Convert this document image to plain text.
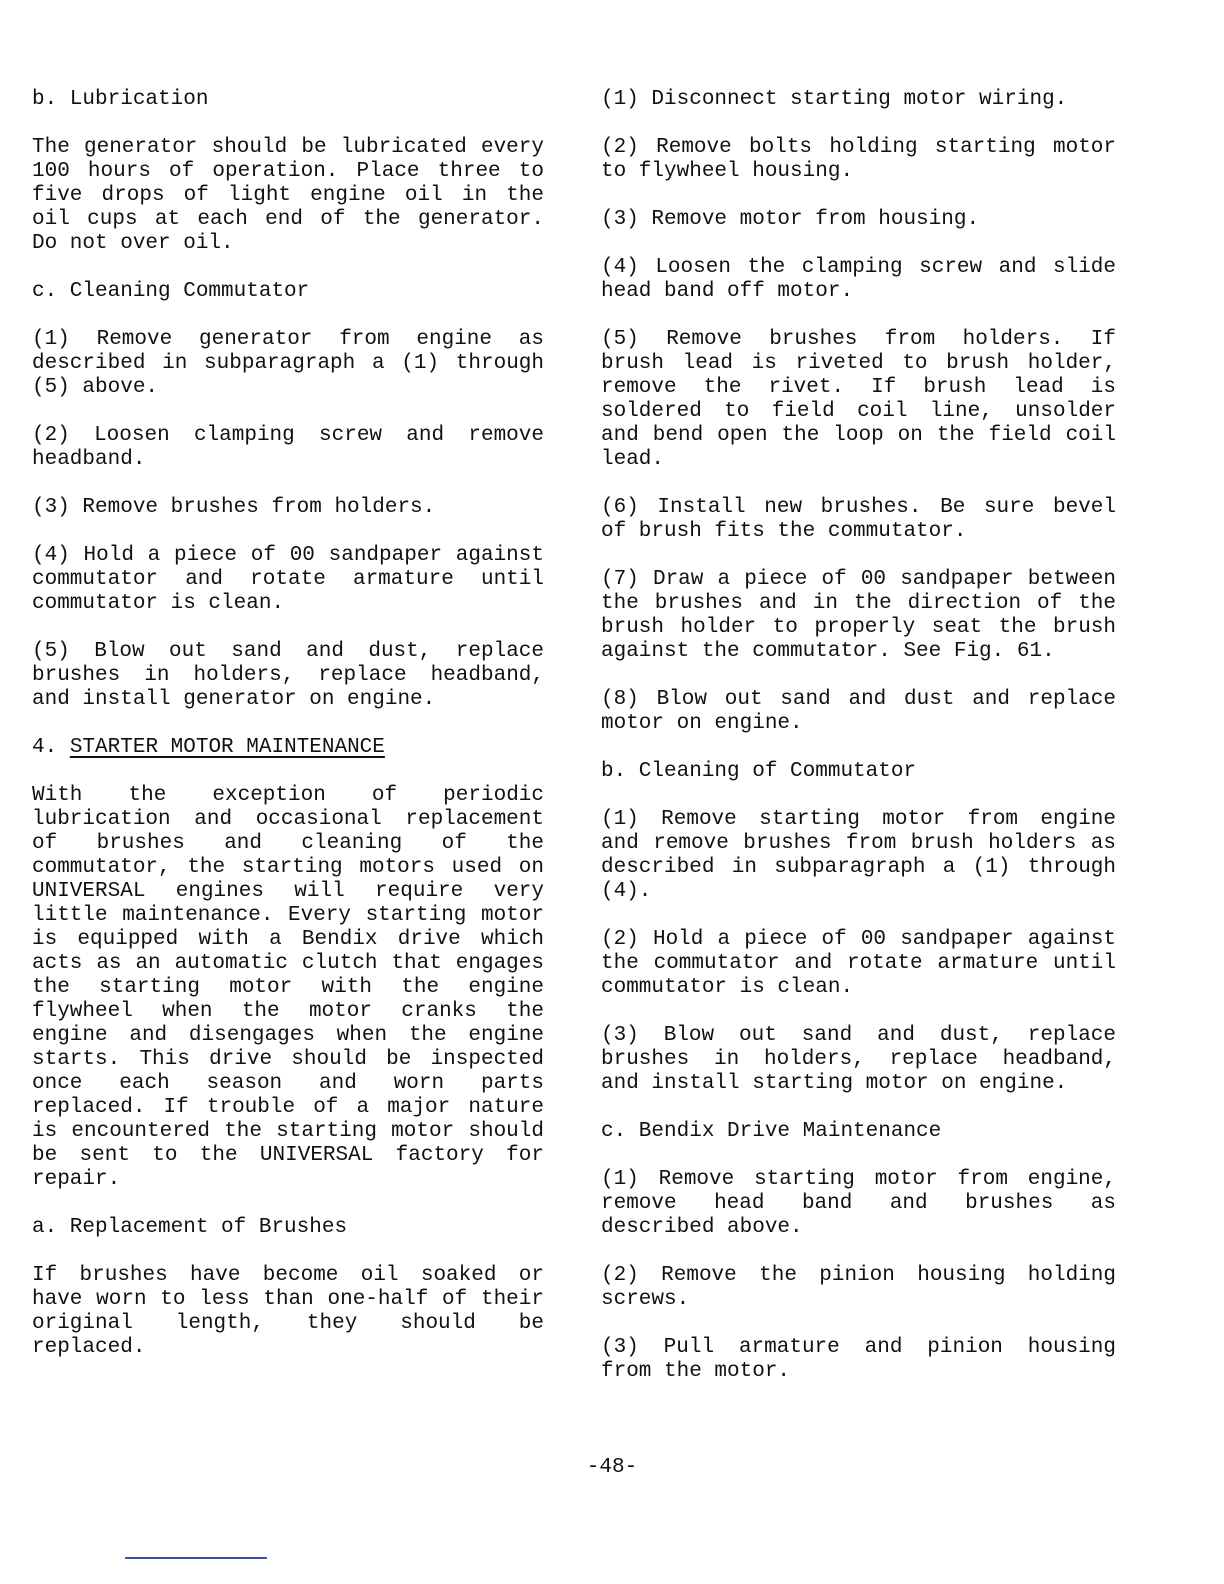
b. Lubrication
The generator should be lubricated every 100 hours of operation. Place three to five drops of light engine oil in the oil cups at each end of the generator. Do not over oil.
c. Cleaning Commutator
(1) Remove generator from engine as described in subparagraph a (1) through (5) above.
(2) Loosen clamping screw and remove headband.
(3) Remove brushes from holders.
(4) Hold a piece of 00 sandpaper against commutator and rotate armature until commutator is clean.
(5) Blow out sand and dust, replace brushes in holders, replace headband, and install generator on engine.
4. STARTER MOTOR MAINTENANCE
With the exception of periodic lubrication and occasional replacement of brushes and cleaning of the commutator, the starting motors used on UNIVERSAL engines will require very little maintenance. Every starting motor is equipped with a Bendix drive which acts as an automatic clutch that engages the starting motor with the engine flywheel when the motor cranks the engine and disengages when the engine starts. This drive should be inspected once each season and worn parts replaced. If trouble of a major nature is encountered the starting motor should be sent to the UNIVERSAL factory for repair.
a. Replacement of Brushes
If brushes have become oil soaked or have worn to less than one-half of their original length, they should be replaced.
(1) Disconnect starting motor wiring.
(2) Remove bolts holding starting motor to flywheel housing.
(3) Remove motor from housing.
(4) Loosen the clamping screw and slide head band off motor.
(5) Remove brushes from holders. If brush lead is riveted to brush holder, remove the rivet. If brush lead is soldered to field coil line, unsolder and bend open the loop on the field coil lead.
(6) Install new brushes. Be sure bevel of brush fits the commutator.
(7) Draw a piece of 00 sandpaper between the brushes and in the direction of the brush holder to properly seat the brush against the commutator. See Fig. 61.
(8) Blow out sand and dust and replace motor on engine.
b. Cleaning of Commutator
(1) Remove starting motor from engine and remove brushes from brush holders as described in subparagraph a (1) through (4).
(2) Hold a piece of 00 sandpaper against the commutator and rotate armature until commutator is clean.
(3) Blow out sand and dust, replace brushes in holders, replace headband, and install starting motor on engine.
c. Bendix Drive Maintenance
(1) Remove starting motor from engine, remove head band and brushes as described above.
(2) Remove the pinion housing holding screws.
(3) Pull armature and pinion housing from the motor.
-48-
